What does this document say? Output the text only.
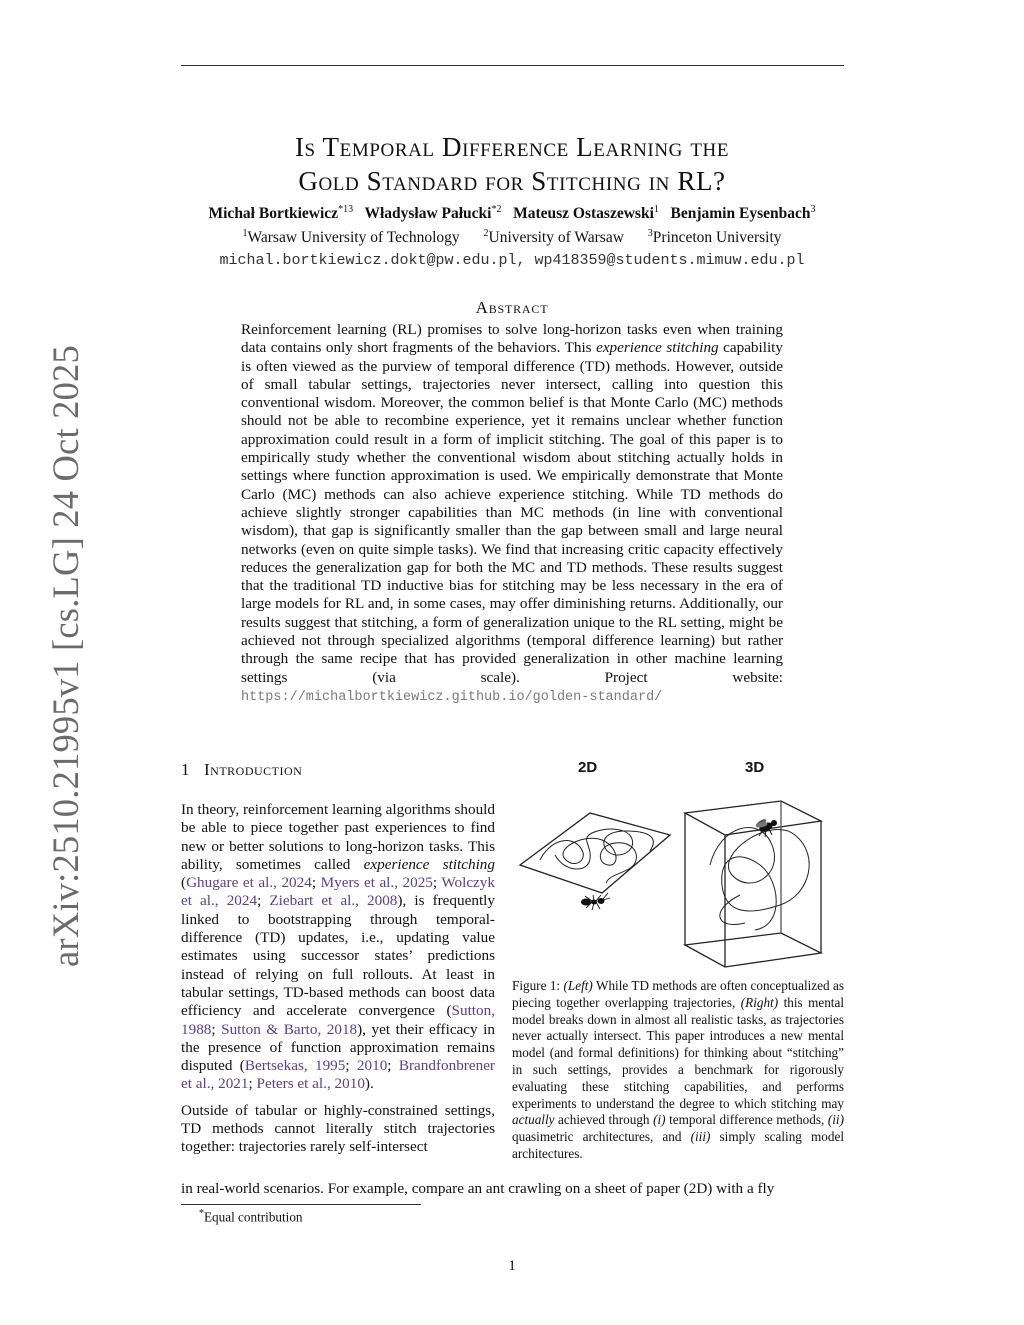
arXiv:2510.21995v1 [cs.LG] 24 Oct 2025
Is Temporal Difference Learning the
Gold Standard for Stitching in RL?
Michał Bortkiewicz$^{*13}$ Władysław Pałucki$^{*2}$ Mateusz Ostaszewski$^1$ Benjamin Eysenbach$^3$
$^1$Warsaw University of Technology $^2$University of Warsaw $^3$Princeton University
michal.bortkiewicz.dokt@pw.edu.pl, wp418359@students.mimuw.edu.pl
Abstract
Reinforcement learning (RL) promises to solve long-horizon tasks even when training data contains only short fragments of the behaviors. This experience stitching capability is often viewed as the purview of temporal difference (TD) methods. However, outside of small tabular settings, trajectories never intersect, calling into question this conventional wisdom. Moreover, the common belief is that Monte Carlo (MC) methods should not be able to recombine experience, yet it remains unclear whether function approximation could result in a form of implicit stitching. The goal of this paper is to empirically study whether the conventional wisdom about stitching actually holds in settings where function approximation is used. We empirically demonstrate that Monte Carlo (MC) methods can also achieve experience stitching. While TD methods do achieve slightly stronger capabilities than MC methods (in line with conventional wisdom), that gap is significantly smaller than the gap between small and large neural networks (even on quite simple tasks). We find that increasing critic capacity effectively reduces the generalization gap for both the MC and TD methods. These results suggest that the traditional TD inductive bias for stitching may be less necessary in the era of large models for RL and, in some cases, may offer diminishing returns. Additionally, our results suggest that stitching, a form of generalization unique to the RL setting, might be achieved not through specialized algorithms (temporal difference learning) but rather through the same recipe that has provided generalization in other machine learning settings (via scale). Project website: https://michalbortkiewicz.github.io/golden-standard/
1 Introduction

In theory, reinforcement learning algorithms should be able to piece together past experiences to find new or better solutions to long-horizon tasks. This ability, sometimes called experience stitching (Ghugare et al., 2024; Myers et al., 2025; Wolczyk et al., 2024; Ziebart et al., 2008), is frequently linked to bootstrapping through temporal-difference (TD) updates, i.e., updating value estimates using successor states’ predictions instead of relying on full rollouts. At least in tabular settings, TD-based methods can boost data efficiency and accelerate convergence (Sutton, 1988; Sutton & Barto, 2018), yet their efficacy in the presence of function approximation remains disputed (Bertsekas, 1995; 2010; Brandfonbrener et al., 2021; Peters et al., 2010).

Outside of tabular or highly-constrained settings, TD methods cannot literally stitch trajectories together: trajectories rarely self-intersect

in real-world scenarios. For example, compare an ant crawling on a sheet of paper (2D) with a fly
2D	3D
Figure 1: (Left) While TD methods are often conceptualized as piecing together overlapping trajectories, (Right) this mental model breaks down in almost all realistic tasks, as trajectories never actually intersect. This paper introduces a new mental model (and formal definitions) for thinking about “stitching” in such settings, provides a benchmark for rigorously evaluating these stitching capabilities, and performs experiments to understand the degree to which stitching may actually achieved through (i) temporal difference methods, (ii) quasimetric architectures, and (iii) simply scaling model architectures.
*Equal contribution
1
